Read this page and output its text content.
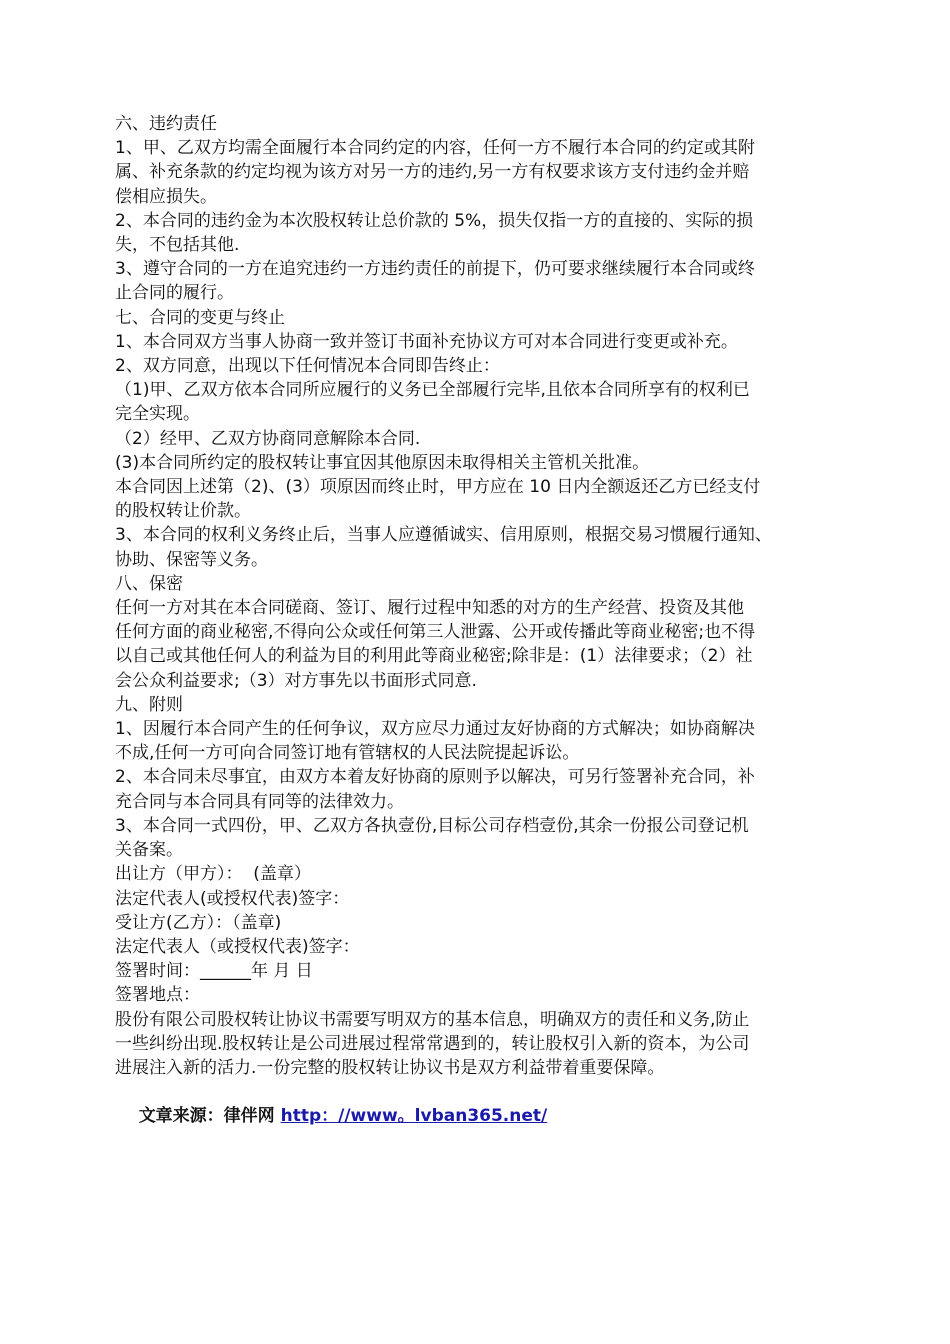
六、违约责任

1、甲、乙双方均需全面履行本合同约定的内容，任何一方不履行本合同的约定或其附

属、补充条款的约定均视为该方对另一方的违约,另一方有权要求该方支付违约金并赔

偿相应损失。

2、本合同的违约金为本次股权转让总价款的 5%，损失仅指一方的直接的、实际的损

失，不包括其他.

3、遵守合同的一方在追究违约一方违约责任的前提下，仍可要求继续履行本合同或终

止合同的履行。

七、合同的变更与终止

1、本合同双方当事人协商一致并签订书面补充协议方可对本合同进行变更或补充。

2、双方同意，出现以下任何情况本合同即告终止：

（1)甲、乙双方依本合同所应履行的义务已全部履行完毕,且依本合同所享有的权利已

完全实现。

（2）经甲、乙双方协商同意解除本合同.

(3)本合同所约定的股权转让事宜因其他原因未取得相关主管机关批准。

本合同因上述第（2)、(3）项原因而终止时，甲方应在 10 日内全额返还乙方已经支付

的股权转让价款。

3、本合同的权利义务终止后，当事人应遵循诚实、信用原则，根据交易习惯履行通知、

协助、保密等义务。

八、保密

任何一方对其在本合同磋商、签订、履行过程中知悉的对方的生产经营、投资及其他

任何方面的商业秘密,不得向公众或任何第三人泄露、公开或传播此等商业秘密;也不得

以自己或其他任何人的利益为目的利用此等商业秘密;除非是：(1）法律要求；（2）社

会公众利益要求;（3）对方事先以书面形式同意.

九、附则

1、因履行本合同产生的任何争议，双方应尽力通过友好协商的方式解决；如协商解决

不成,任何一方可向合同签订地有管辖权的人民法院提起诉讼。

2、本合同未尽事宜，由双方本着友好协商的原则予以解决，可另行签署补充合同，补

充合同与本合同具有同等的法律效力。

3、本合同一式四份，甲、乙双方各执壹份,目标公司存档壹份,其余一份报公司登记机

关备案。

出让方（甲方）：  (盖章）

法定代表人(或授权代表)签字：

受让方(乙方）：（盖章)

法定代表人（或授权代表)签字：

签署时间：______年 月 日

签署地点：

股份有限公司股权转让协议书需要写明双方的基本信息，明确双方的责任和义务,防止

一些纠纷出现.股权转让是公司进展过程常常遇到的，转让股权引入新的资本，为公司

进展注入新的活力.一份完整的股权转让协议书是双方利益带着重要保障。

文章来源：律伴网 http：//www。lvban365.net/
